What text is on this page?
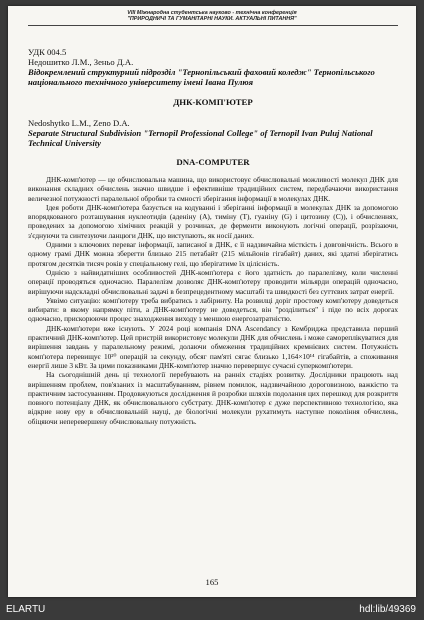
VIII Міжнародна студентська науково - технічна конференція
"ПРИРОДНИЧІ ТА ГУМАНІТАРНІ НАУКИ. АКТУАЛЬНІ ПИТАННЯ"

УДК 004.5

Недошитко Л.М., Зеньо Д.А.

Відокремлений структурний підрозділ "Тернопільський фаховий коледж" Тернопільського національного технічного університету імені Івана Пулюя

ДНК-КОМП'ЮТЕР

Nedoshytko L.M., Zeno D.A.

Separate Structural Subdivision "Ternopil Professional College" of Ternopil Ivan Puluj National Technical University

DNA-COMPUTER

ДНК-комп'ютер — це обчислювальна машина, що використовує обчислювальні можливості молекул ДНК для виконання складних обчислень значно швидше і ефективніше традиційних систем, передбачаючи використання величезної потужності паралельної обробки та ємності зберігання інформації в молекулах ДНК.

Ідея роботи ДНК-комп'ютера базується на кодуванні і зберіганні інформації в молекулах ДНК за допомогою впорядкованого розташування нуклеотидів (аденіну (A), тиміну (T), гуаніну (G) і цитозину (C)), і обчисленнях, проведених за допомогою хімічних реакцій у розчинах, де ферменти виконують логічні операції, розрізаючи, з'єднуючи та синтезуючи ланцюги ДНК, що виступають, як носії даних.

Одними з ключових переваг інформації, записаної в ДНК, є її надзвичайна місткість і довговічність. Всього в одному грамі ДНК можна зберегти близько 215 петабайт (215 мільйонів гігабайт) даних, які здатні зберігатись протягом десятків тисяч років у спеціальному гелі, що зберігатиме їх цілісність.

Однією з найвидатніших особливостей ДНК-комп'ютера є його здатність до паралелізму, коли численні операції проводяться одночасно. Паралелізм дозволяє ДНК-комп'ютеру проводити мільярди операцій одночасно, вирішуючи надскладні обчислювальні задачі в безпрецедентному масштабі та швидкості без суттєвих затрат енергії.

Уявімо ситуацію: комп'ютеру треба вибратись з лабіринту. На розвилці доріг простому комп'ютеру доведеться вибирати: в якому напрямку піти, а ДНК-комп'ютеру не доведеться, він "розділиться" і піде по всіх дорогах одночасно, прискорюючи процес знаходження виходу з меншою енергозатратністю.

ДНК-комп'ютери вже існують. У 2024 році компанія DNA Ascendancy з Кембриджа представила перший практичний ДНК-комп'ютер. Цей пристрій використовує молекули ДНК для обчислень і може самореплікуватися для вирішення завдань у паралельному режимі, долаючи обмеження традиційних кремнієвих систем. Потужність комп'ютера перевищує 10²⁰ операцій за секунду, обсяг пам'яті сягає близько 1,164×10¹⁴ гігабайтів, а споживання енергії лише 3 кВт. За цими показниками ДНК-комп'ютер значно перевершує сучасні суперкомп'ютери.

На сьогоднішній день ці технології перебувають на ранніх стадіях розвитку. Дослідники працюють над вирішенням проблем, пов'язаних із масштабуванням, рівнем помилок, надзвичайною дороговизною, важкістю та практичним застосуванням. Продовжуються дослідження й розробки шляхів подолання цих перешкод для розкриття повного потенціалу ДНК, як обчислювального субстрату. ДНК-комп'ютер є дуже перспективною технологією, яка відкрие нову еру в обчислювальній науці, де біологічні молекули рухатимуть наступне покоління обчислень, обіцяючи неперевершену обчислювальну потужність.

165
ELARTU	hdl:lib/49369
